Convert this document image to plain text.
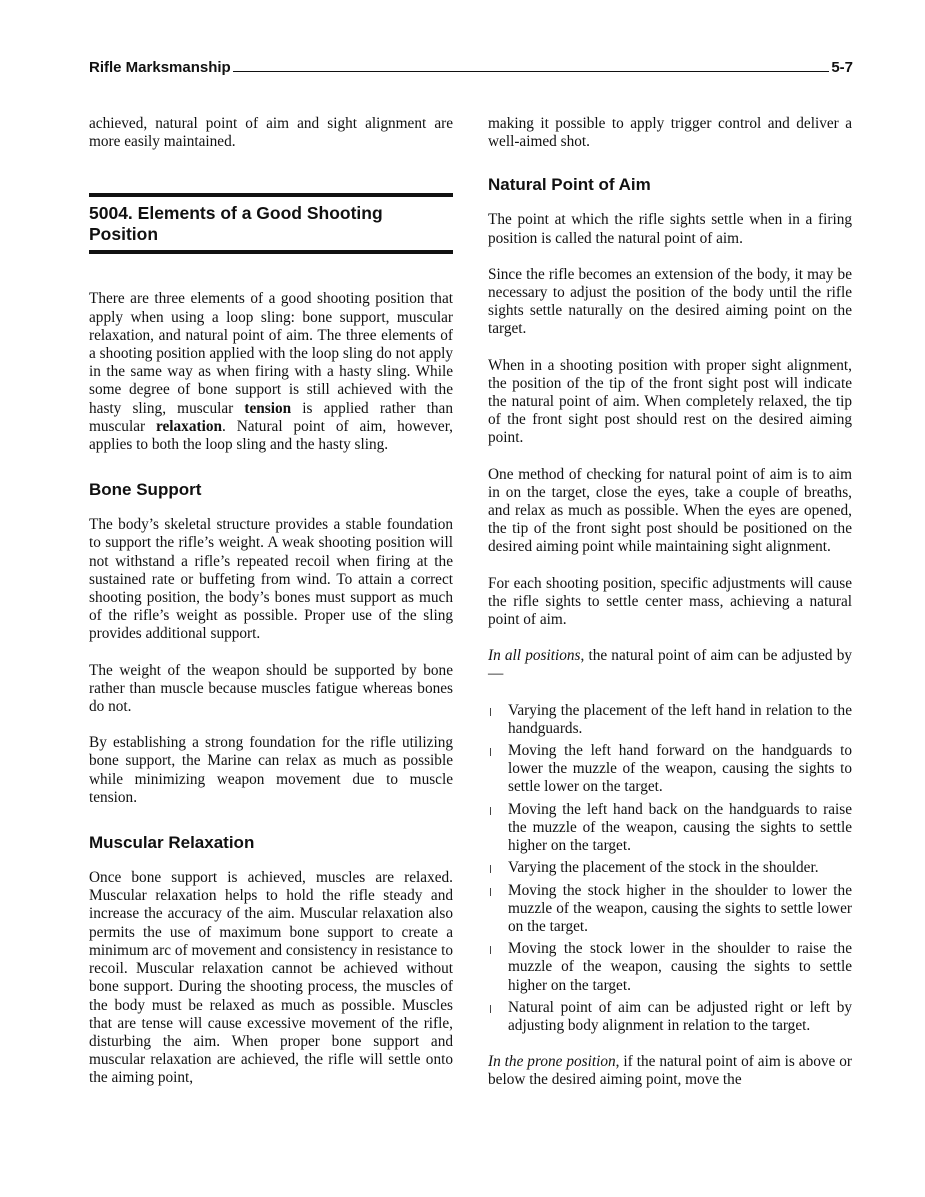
Rifle Marksmanship	5-7

achieved, natural point of aim and sight alignment are more easily maintained.

5004. Elements of a Good Shooting Position

There are three elements of a good shooting position that apply when using a loop sling: bone support, muscular relaxation, and natural point of aim. The three elements of a shooting position applied with the loop sling do not apply in the same way as when firing with a hasty sling. While some degree of bone support is still achieved with the hasty sling, muscular tension is applied rather than muscular relaxation. Natural point of aim, however, applies to both the loop sling and the hasty sling.

Bone Support

The body’s skeletal structure provides a stable foundation to support the rifle’s weight. A weak shooting position will not withstand a rifle’s repeated recoil when firing at the sustained rate or buffeting from wind. To attain a correct shooting position, the body’s bones must support as much of the rifle’s weight as possible. Proper use of the sling provides additional support.

The weight of the weapon should be supported by bone rather than muscle because muscles fatigue whereas bones do not.

By establishing a strong foundation for the rifle utilizing bone support, the Marine can relax as much as possible while minimizing weapon movement due to muscle tension.

Muscular Relaxation

Once bone support is achieved, muscles are relaxed. Muscular relaxation helps to hold the rifle steady and increase the accuracy of the aim. Muscular relaxation also permits the use of maximum bone support to create a minimum arc of movement and consistency in resistance to recoil. Muscular relaxation cannot be achieved without bone support. During the shooting process, the muscles of the body must be relaxed as much as possible. Muscles that are tense will cause excessive movement of the rifle, disturbing the aim. When proper bone support and muscular relaxation are achieved, the rifle will settle onto the aiming point,

making it possible to apply trigger control and deliver a well-aimed shot.

Natural Point of Aim

The point at which the rifle sights settle when in a firing position is called the natural point of aim.

Since the rifle becomes an extension of the body, it may be necessary to adjust the position of the body until the rifle sights settle naturally on the desired aiming point on the target.

When in a shooting position with proper sight alignment, the position of the tip of the front sight post will indicate the natural point of aim. When completely relaxed, the tip of the front sight post should rest on the desired aiming point.

One method of checking for natural point of aim is to aim in on the target, close the eyes, take a couple of breaths, and relax as much as possible. When the eyes are opened, the tip of the front sight post should be positioned on the desired aiming point while maintaining sight alignment.

For each shooting position, specific adjustments will cause the rifle sights to settle center mass, achieving a natural point of aim.

In all positions, the natural point of aim can be adjusted by—

Varying the placement of the left hand in relation to the handguards.
Moving the left hand forward on the handguards to lower the muzzle of the weapon, causing the sights to settle lower on the target.
Moving the left hand back on the handguards to raise the muzzle of the weapon, causing the sights to settle higher on the target.
Varying the placement of the stock in the shoulder.
Moving the stock higher in the shoulder to lower the muzzle of the weapon, causing the sights to settle lower on the target.
Moving the stock lower in the shoulder to raise the muzzle of the weapon, causing the sights to settle higher on the target.
Natural point of aim can be adjusted right or left by adjusting body alignment in relation to the target.

In the prone position, if the natural point of aim is above or below the desired aiming point, move the
